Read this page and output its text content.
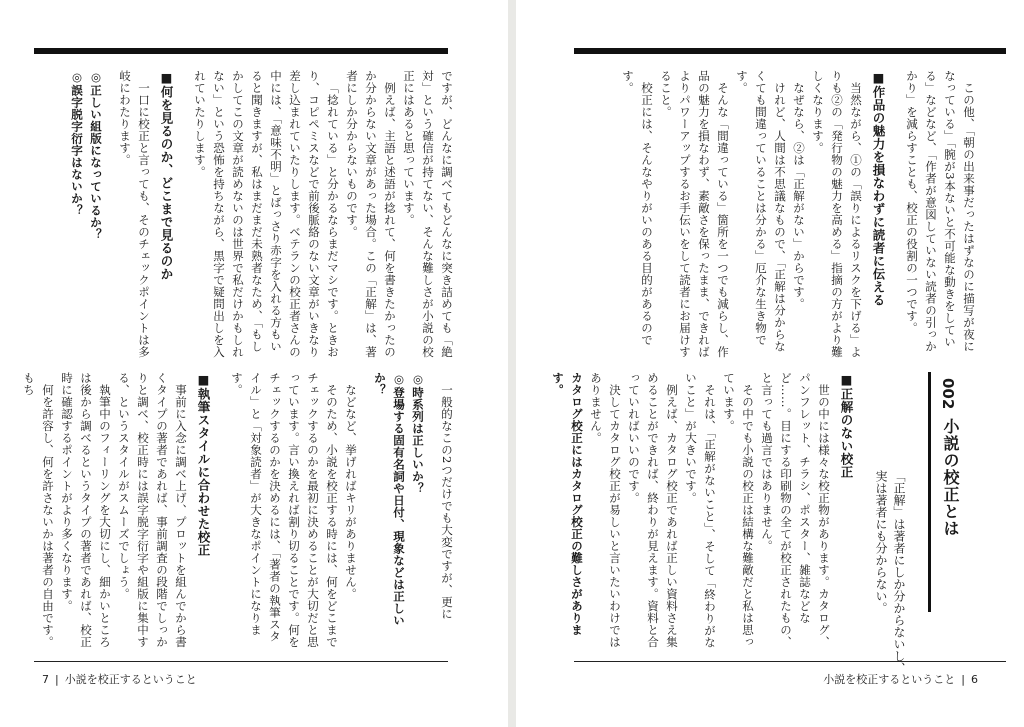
ですが、どんなに調べてもどんなに突き詰めても「絶対」という確信が持てない、そんな難しさが小説の校正にはあると思っています。

例えば、主語と述語が捻れて、何を書きたかったのか分からない文章があった場合。この「正解」は、著者にしか分からないものです。

「捻れている」と分かるならまだマシです。ときおり、コピペミスなどで前後脈絡のない文章がいきなり差し込まれていたりします。ベテランの校正者さんの中には、「意味不明」とばっさり赤字を入れる方もいると聞きますが、私はまだまだ未熟者なため、「もしかしてこの文章が読めないのは世界で私だけかもしれない」という恐怖を持ちながら、黒字で疑問出しを入れていたりします。

■何を見るのか、どこまで見るのか

一口に校正と言っても、そのチェックポイントは多岐にわたります。

◎正しい組版になっているか？

◎誤字脱字衍字はないか？

一般的なこの2つだけでも大変ですが、更に

◎時系列は正しいか？

◎登場する固有名詞や日付、現象などは正しいか？

などなど、挙げればキリがありません。

そのため、小説を校正する時には、何をどこまでチェックするのかを最初に決めることが大切だと思っています。言い換えれば割り切ることです。何をチェックするのかを決めるには、「著者の執筆スタイル」と「対象読者」が大きなポイントになります。

■執筆スタイルに合わせた校正

事前に入念に調べ上げ、プロットを組んでから書くタイプの著者であれば、事前調査の段階でしっかりと調べ、校正時には誤字脱字衍字や組版に集中する、というスタイルがスムーズでしょう。

執筆中のフィーリングを大切にし、細かいところは後から調べるというタイプの著者であれば、校正時に確認するポイントがより多くなります。

何を許容し、何を許さないかは著者の自由です。もち

7 | 小説を校正するということ	小説を校正するということ | 6

この他、「朝の出来事だったはずなのに描写が夜になっている」「腕が3本ないと不可能な動きをしている」などなど、「作者が意図していない読者の引っかかり」を減らすことも、校正の役割の一つです。

■作品の魅力を損なわずに読者に伝える

当然ながら、①の「誤りによるリスクを下げる」よりも②の「発行物の魅力を高める」指摘の方がより難しくなります。

なぜなら、②は「正解がない」からです。

けれど、人間は不思議なもので、「正解は分からなくても間違っていることは分かる」厄介な生き物です。

そんな「間違っている」箇所を一つでも減らし、作品の魅力を損なわず、素敵さを保ったまま、できればよりパワーアップするお手伝いをして読者にお届けすること。

校正には、そんなやりがいのある目的があるのです。

002
小説の校正とは
「正解」は著者にしか分からないし、
実は著者にも分からない。

■正解のない校正

世の中には様々な校正物があります。カタログ、パンフレット、チラシ、ポスター、雑誌などなど……。目にする印刷物の全てが校正されたもの、と言っても過言ではありません。

その中でも小説の校正は結構な難敵だと私は思っています。

それは、「正解がないこと」、そして「終わりがないこと」が大きいです。

例えば、カタログ校正であれば正しい資料さえ集めることができれば、終わりが見えます。資料と合っていればいいのです。

決してカタログ校正が易しいと言いたいわけではありません。

カタログ校正にはカタログ校正の難しさがあります。
